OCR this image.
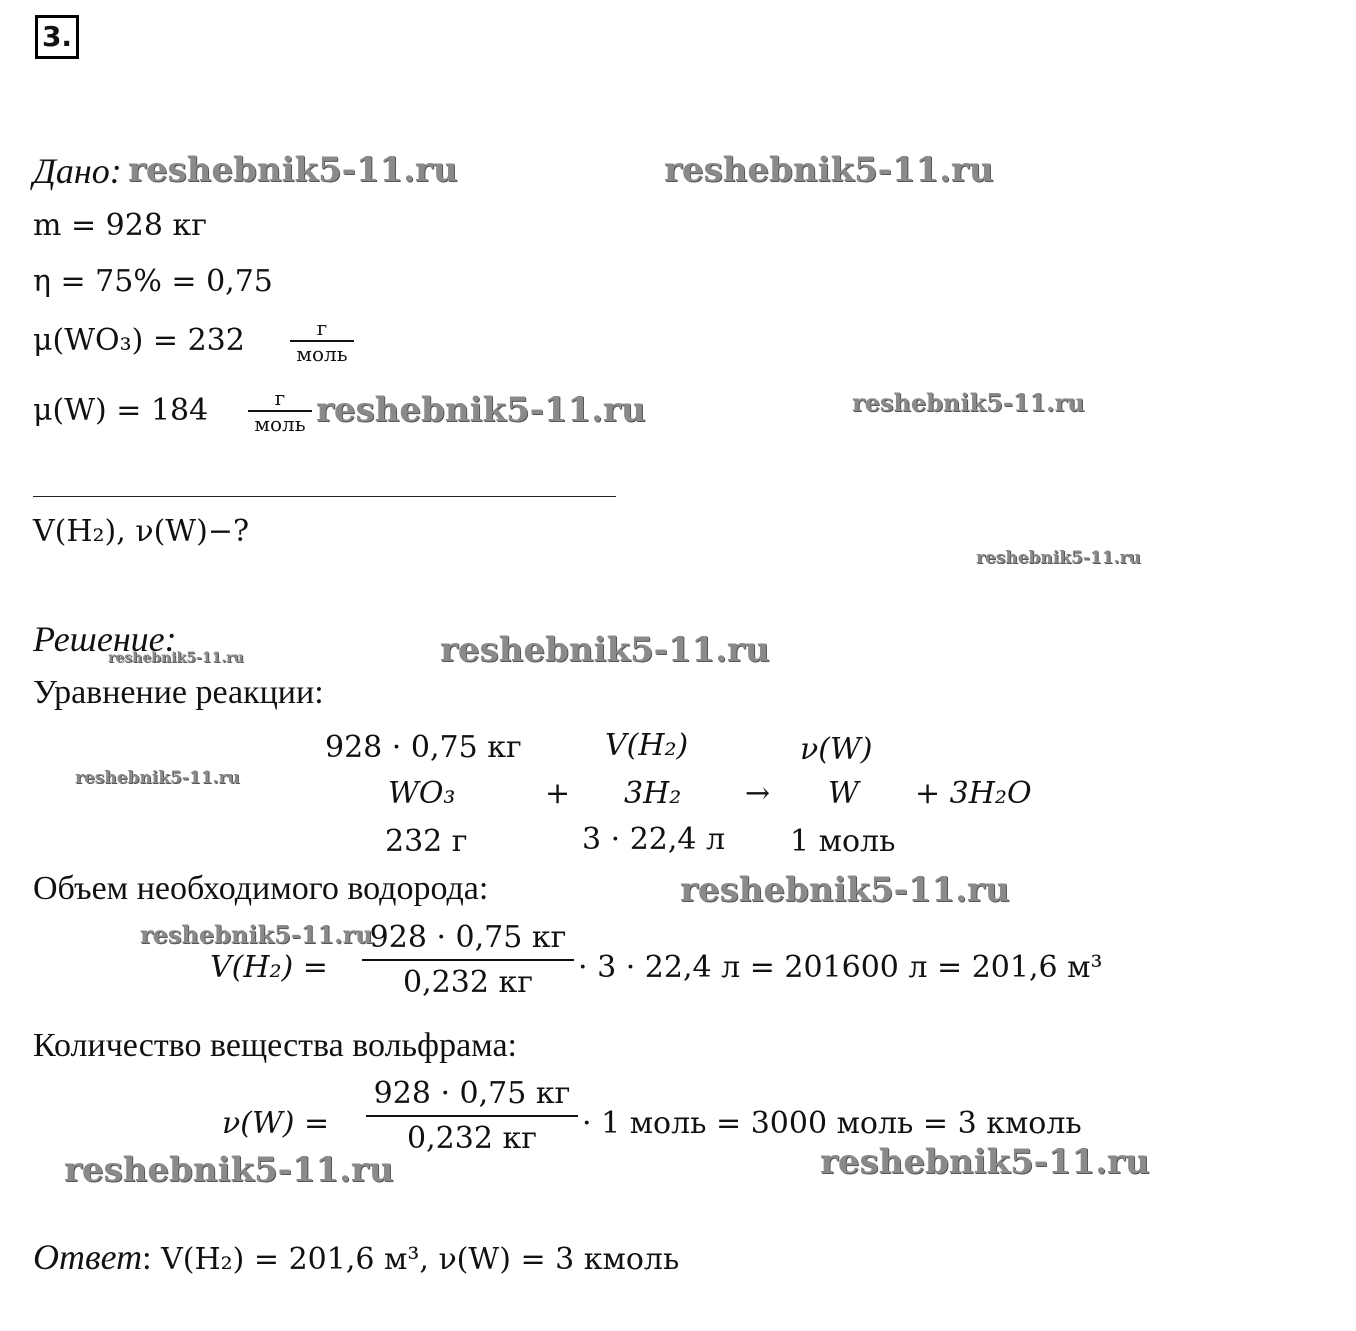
3.
Дано:
m = 928 кг
η = 75% = 0,75
μ(WO₃) = 232	г
моль
μ(W) = 184	г
моль
V(H₂), ν(W)−?
Решение:
Уравнение реакции:
928 · 0,75 кг	V(H₂)	ν(W)
WO₃	+ 3H₂ → W + 3H₂O
232 г	3 · 22,4 л 1 моль
Объем необходимого водорода:
V(H₂) =
928 · 0,75 кг
0,232 кг	· 3 · 22,4 л = 201600 л = 201,6 м³
Количество вещества вольфрама:
ν(W) =
928 · 0,75 кг
0,232 кг	· 1 моль = 3000 моль = 3 кмоль
Ответ: V(H₂) = 201,6 м³, ν(W) = 3 кмоль
reshebnik5-11.ru	reshebnik5-11.ru
reshebnik5-11.ru	reshebnik5-11.ru
reshebnik5-11.ru
reshebnik5-11.ru	reshebnik5-11.ru
reshebnik5-11.ru
reshebnik5-11.ru
reshebnik5-11.ru
reshebnik5-11.ru	reshebnik5-11.ru
